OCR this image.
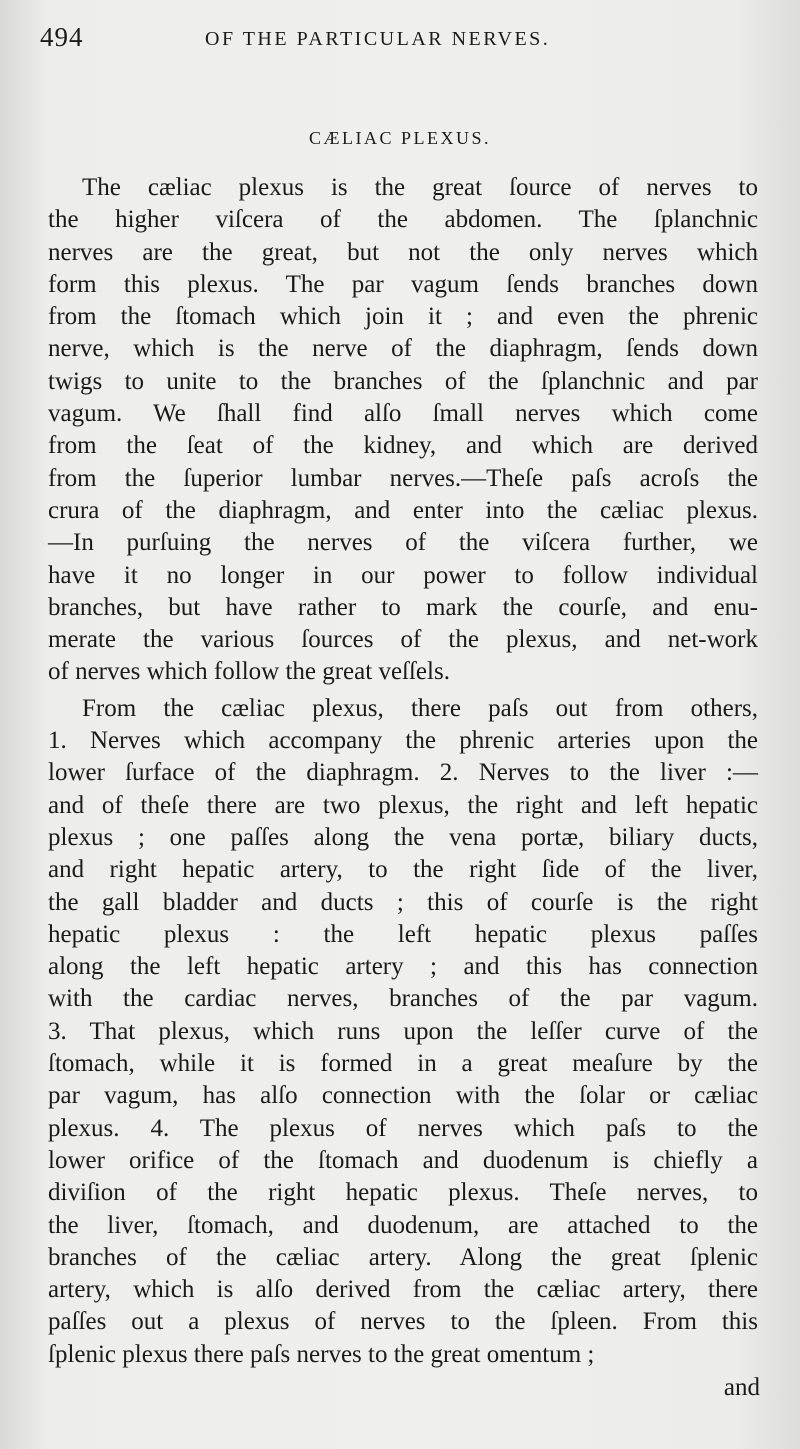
494	OF THE PARTICULAR NERVES.
CÆLIAC PLEXUS.
The cæliac plexus is the great ſource of nerves to
the higher viſcera of the abdomen. The ſplanchnic
nerves are the great, but not the only nerves which
form this plexus. The par vagum ſends branches down
from the ſtomach which join it ; and even the phrenic
nerve, which is the nerve of the diaphragm, ſends down
twigs to unite to the branches of the ſplanchnic and par
vagum. We ſhall find alſo ſmall nerves which come
from the ſeat of the kidney, and which are derived
from the ſuperior lumbar nerves.—Theſe paſs acroſs the
crura of the diaphragm, and enter into the cæliac plexus.
—In purſuing the nerves of the viſcera further, we
have it no longer in our power to follow individual
branches, but have rather to mark the courſe, and enu-
merate the various ſources of the plexus, and net-work
of nerves which follow the great veſſels.
From the cæliac plexus, there paſs out from others,
1. Nerves which accompany the phrenic arteries upon the
lower ſurface of the diaphragm. 2. Nerves to the liver :—
and of theſe there are two plexus, the right and left hepatic
plexus ; one paſſes along the vena portæ, biliary ducts,
and right hepatic artery, to the right ſide of the liver,
the gall bladder and ducts ; this of courſe is the right
hepatic plexus : the left hepatic plexus paſſes
along the left hepatic artery ; and this has connection
with the cardiac nerves, branches of the par vagum.
3. That plexus, which runs upon the leſſer curve of the
ſtomach, while it is formed in a great meaſure by the
par vagum, has alſo connection with the ſolar or cæliac
plexus. 4. The plexus of nerves which paſs to the
lower orifice of the ſtomach and duodenum is chiefly a
diviſion of the right hepatic plexus. Theſe nerves, to
the liver, ſtomach, and duodenum, are attached to the
branches of the cæliac artery. Along the great ſplenic
artery, which is alſo derived from the cæliac artery, there
paſſes out a plexus of nerves to the ſpleen. From this
ſplenic plexus there paſs nerves to the great omentum ;
and
